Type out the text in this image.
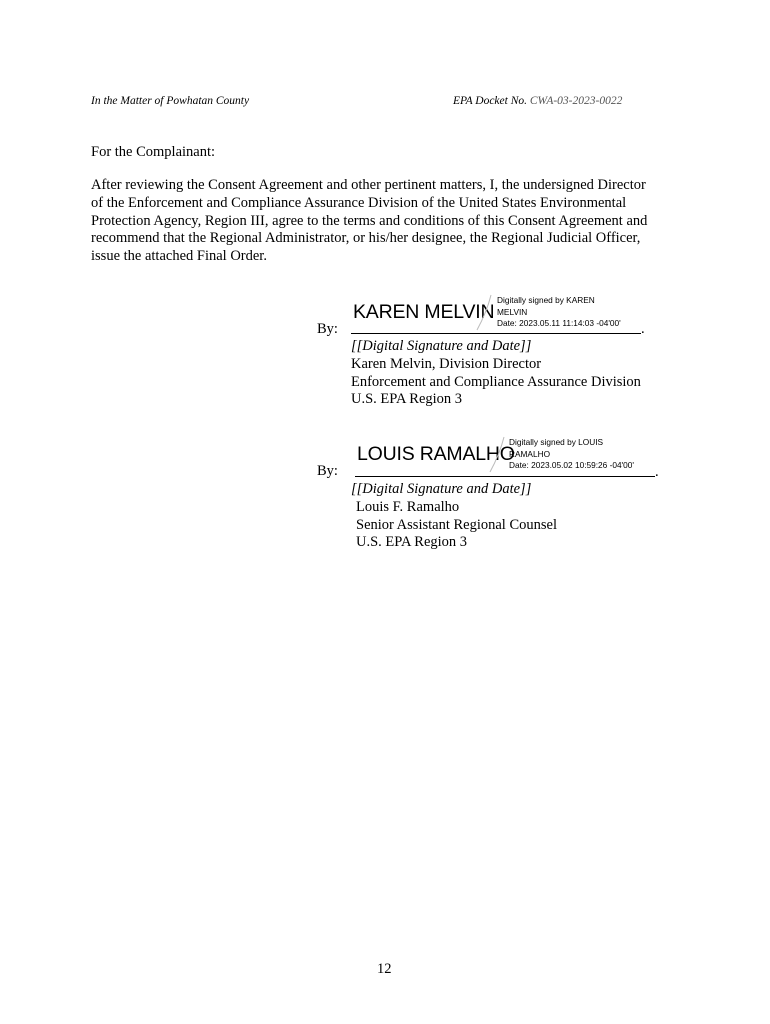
In the Matter of Powhatan County	EPA Docket No. CWA-03-2023-0022
For the Complainant:
After reviewing the Consent Agreement and other pertinent matters, I, the undersigned Director
of the Enforcement and Compliance Assurance Division of the United States Environmental
Protection Agency, Region III, agree to the terms and conditions of this Consent Agreement and
recommend that the Regional Administrator, or his/her designee, the Regional Judicial Officer,
issue the attached Final Order.
KAREN MELVIN
Digitally signed by KAREN
MELVIN
Date: 2023.05.11 11:14:03 -04'00'
By:	.
[[Digital Signature and Date]]
Karen Melvin, Division Director
Enforcement and Compliance Assurance Division
U.S. EPA Region 3
LOUIS RAMALHO
Digitally signed by LOUIS
RAMALHO
Date: 2023.05.02 10:59:26 -04'00'
By:	.
[[Digital Signature and Date]]
Louis F. Ramalho
Senior Assistant Regional Counsel
U.S. EPA Region 3
12
